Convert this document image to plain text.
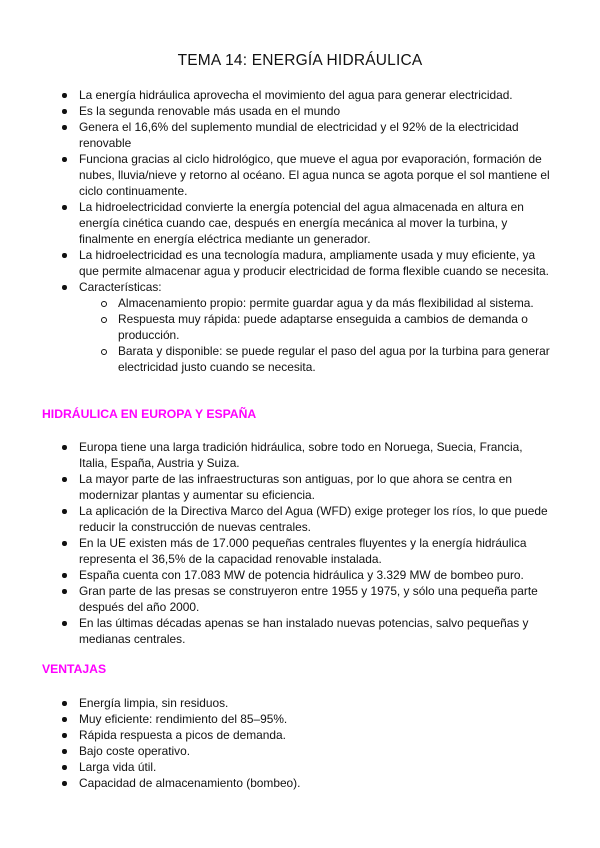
TEMA 14: ENERGÍA HIDRÁULICA
La energía hidráulica aprovecha el movimiento del agua para generar electricidad.
Es la segunda renovable más usada en el mundo
Genera el 16,6% del suplemento mundial de electricidad y el 92% de la electricidad renovable
Funciona gracias al ciclo hidrológico, que mueve el agua por evaporación, formación de nubes, lluvia/nieve y retorno al océano. El agua nunca se agota porque el sol mantiene el ciclo continuamente.
La hidroelectricidad convierte la energía potencial del agua almacenada en altura en energía cinética cuando cae, después en energía mecánica al mover la turbina, y finalmente en energía eléctrica mediante un generador.
La hidroelectricidad es una tecnología madura, ampliamente usada y muy eficiente, ya que permite almacenar agua y producir electricidad de forma flexible cuando se necesita.
Características:
Almacenamiento propio: permite guardar agua y da más flexibilidad al sistema.
Respuesta muy rápida: puede adaptarse enseguida a cambios de demanda o producción.
Barata y disponible: se puede regular el paso del agua por la turbina para generar electricidad justo cuando se necesita.
HIDRÁULICA EN EUROPA Y ESPAÑA
Europa tiene una larga tradición hidráulica, sobre todo en Noruega, Suecia, Francia, Italia, España, Austria y Suiza.
La mayor parte de las infraestructuras son antiguas, por lo que ahora se centra en modernizar plantas y aumentar su eficiencia.
La aplicación de la Directiva Marco del Agua (WFD) exige proteger los ríos, lo que puede reducir la construcción de nuevas centrales.
En la UE existen más de 17.000 pequeñas centrales fluyentes y la energía hidráulica representa el 36,5% de la capacidad renovable instalada.
España cuenta con 17.083 MW de potencia hidráulica y 3.329 MW de bombeo puro.
Gran parte de las presas se construyeron entre 1955 y 1975, y sólo una pequeña parte después del año 2000.
En las últimas décadas apenas se han instalado nuevas potencias, salvo pequeñas y medianas centrales.
VENTAJAS
Energía limpia, sin residuos.
Muy eficiente: rendimiento del 85–95%.
Rápida respuesta a picos de demanda.
Bajo coste operativo.
Larga vida útil.
Capacidad de almacenamiento (bombeo).
